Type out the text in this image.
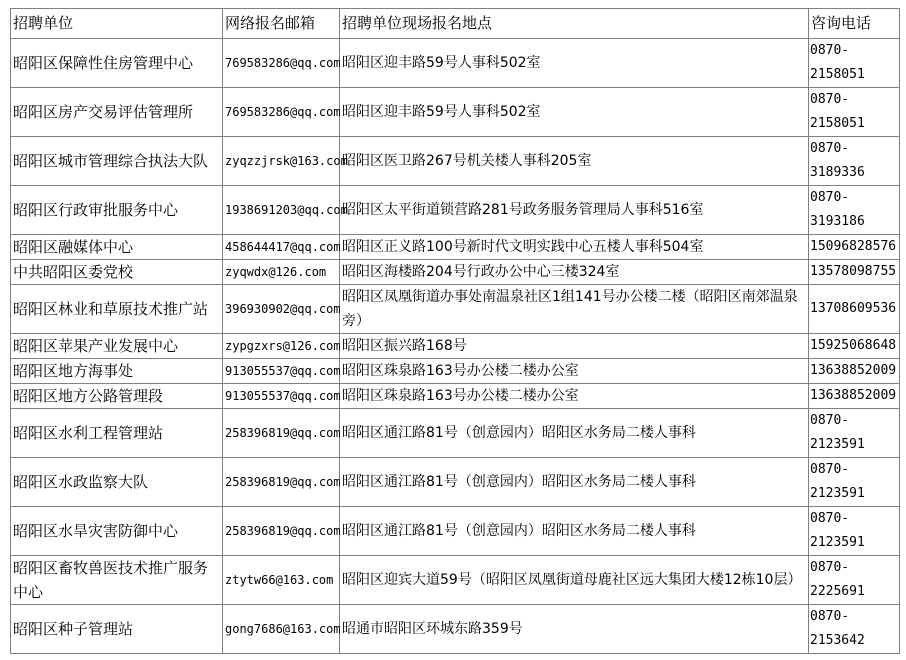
招聘单位	网络报名邮箱	招聘单位现场报名地点	咨询电话
昭阳区保障性住房管理中心	769583286@qq.com	昭阳区迎丰路59号人事科502室	0870-2158051
昭阳区房产交易评估管理所	769583286@qq.com	昭阳区迎丰路59号人事科502室	0870-2158051
昭阳区城市管理综合执法大队	zyqzzjrsk@163.com	昭阳区医卫路267号机关楼人事科205室	0870-3189336
昭阳区行政审批服务中心	1938691203@qq.com	昭阳区太平街道锁营路281号政务服务管理局人事科516室	0870-3193186
昭阳区融媒体中心	458644417@qq.com	昭阳区正义路100号新时代文明实践中心五楼人事科504室	15096828576
中共昭阳区委党校	zyqwdx@126.com	昭阳区海楼路204号行政办公中心三楼324室	13578098755
昭阳区林业和草原技术推广站	396930902@qq.com	昭阳区凤凰街道办事处南温泉社区1组141号办公楼二楼（昭阳区南郊温泉旁）	13708609536
昭阳区苹果产业发展中心	zypgzxrs@126.com	昭阳区振兴路168号	15925068648
昭阳区地方海事处	913055537@qq.com	昭阳区珠泉路163号办公楼二楼办公室	13638852009
昭阳区地方公路管理段	913055537@qq.com	昭阳区珠泉路163号办公楼二楼办公室	13638852009
昭阳区水利工程管理站	258396819@qq.com	昭阳区通江路81号（创意园内）昭阳区水务局二楼人事科	0870-2123591
昭阳区水政监察大队	258396819@qq.com	昭阳区通江路81号（创意园内）昭阳区水务局二楼人事科	0870-2123591
昭阳区水旱灾害防御中心	258396819@qq.com	昭阳区通江路81号（创意园内）昭阳区水务局二楼人事科	0870-2123591
昭阳区畜牧兽医技术推广服务中心	ztytw66@163.com	昭阳区迎宾大道59号（昭阳区凤凰街道母鹿社区远大集团大楼12栋10层）	0870-2225691
昭阳区种子管理站	gong7686@163.com	昭通市昭阳区环城东路359号	0870-2153642
